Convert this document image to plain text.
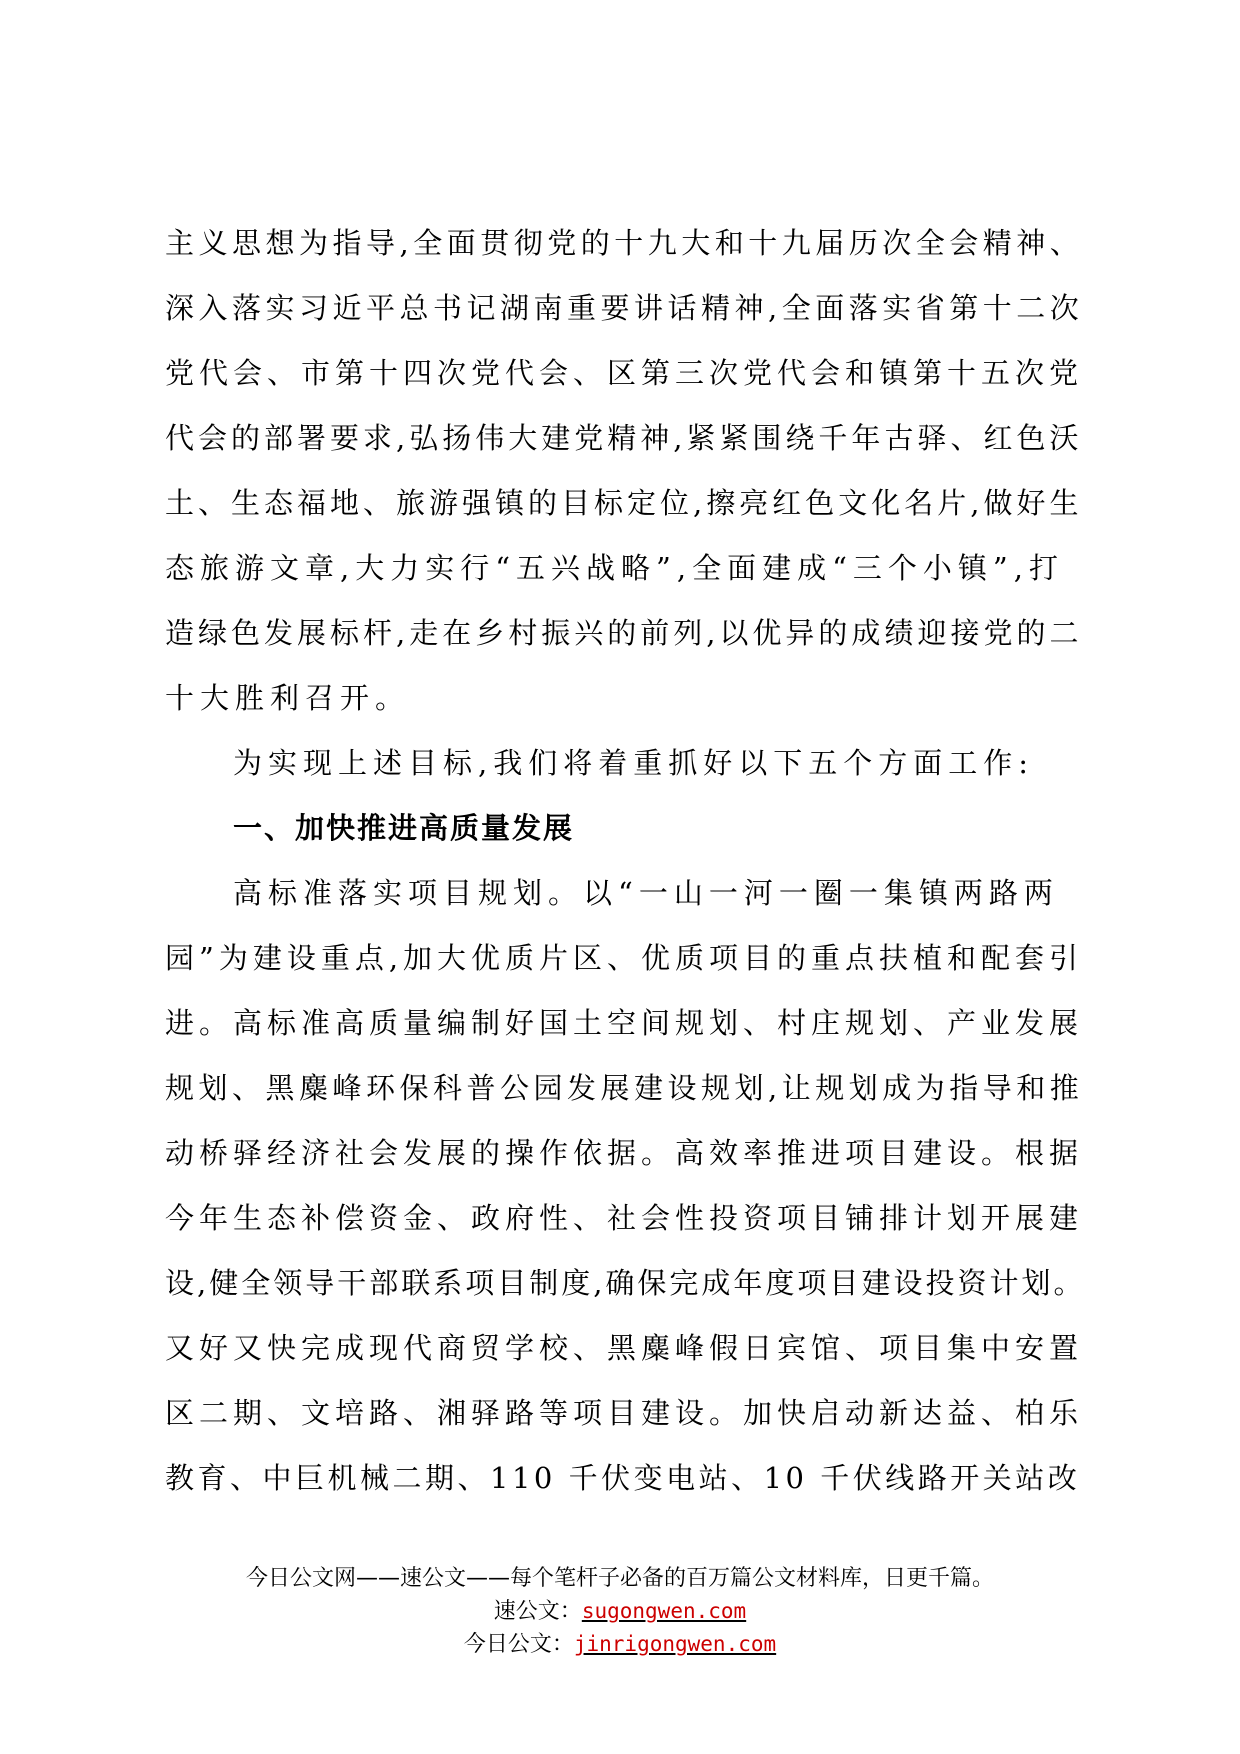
主义思想为指导,全面贯彻党的十九大和十九届历次全会精神、
深入落实习近平总书记湖南重要讲话精神,全面落实省第十二次
党代会、市第十四次党代会、区第三次党代会和镇第十五次党
代会的部署要求,弘扬伟大建党精神,紧紧围绕千年古驿、红色沃
土、生态福地、旅游强镇的目标定位,擦亮红色文化名片,做好生
态旅游文章,大力实行“五兴战略”,全面建成“三个小镇”,打
造绿色发展标杆,走在乡村振兴的前列,以优异的成绩迎接党的二
十大胜利召开。
为实现上述目标,我们将着重抓好以下五个方面工作:
一、加快推进高质量发展
高标准落实项目规划。以“一山一河一圈一集镇两路两
园”为建设重点,加大优质片区、优质项目的重点扶植和配套引
进。高标准高质量编制好国土空间规划、村庄规划、产业发展
规划、黑麋峰环保科普公园发展建设规划,让规划成为指导和推
动桥驿经济社会发展的操作依据。高效率推进项目建设。根据
今年生态补偿资金、政府性、社会性投资项目铺排计划开展建
设,健全领导干部联系项目制度,确保完成年度项目建设投资计划。
又好又快完成现代商贸学校、黑麋峰假日宾馆、项目集中安置
区二期、文培路、湘驿路等项目建设。加快启动新达益、柏乐
教育、中巨机械二期、110 千伏变电站、10 千伏线路开关站改
今日公文网——速公文——每个笔杆子必备的百万篇公文材料库，日更千篇。
速公文：sugongwen.com
今日公文：jinrigongwen.com
